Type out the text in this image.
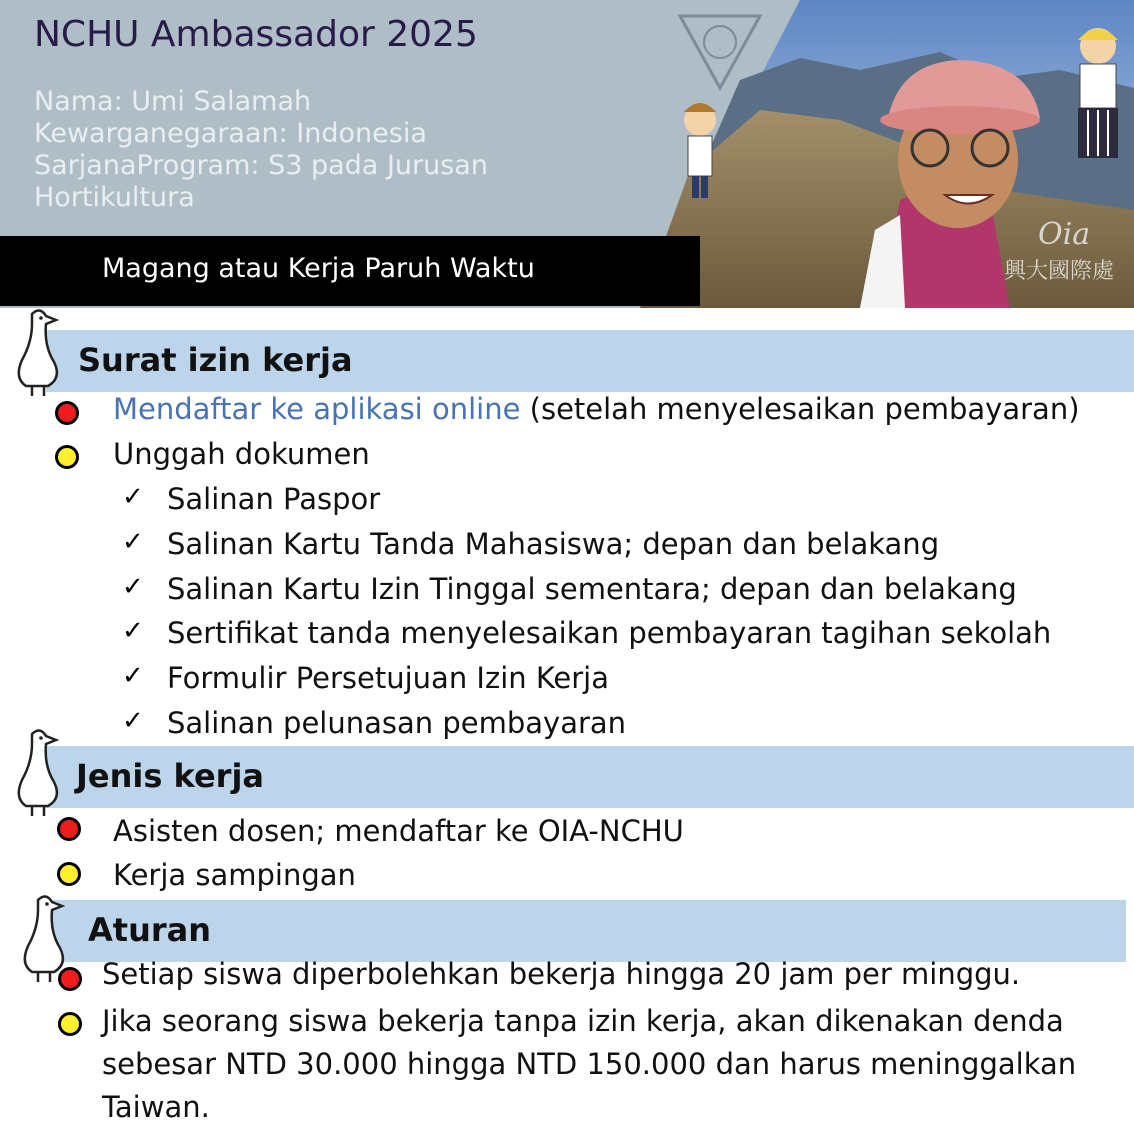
NCHU Ambassador 2025
Nama: Umi Salamah
Kewarganegaraan: Indonesia
SarjanaProgram: S3 pada Jurusan
Hortikultura
Oia
興大國際處
Magang atau Kerja Paruh Waktu
Surat izin kerja
Mendaftar ke aplikasi online (setelah menyelesaikan pembayaran)
Unggah dokumen
✓ Salinan Paspor
✓ Salinan Kartu Tanda Mahasiswa; depan dan belakang
✓ Salinan Kartu Izin Tinggal sementara; depan dan belakang
✓ Sertifikat tanda menyelesaikan pembayaran tagihan sekolah
✓ Formulir Persetujuan Izin Kerja
✓ Salinan pelunasan pembayaran
Jenis kerja
Asisten dosen; mendaftar ke OIA-NCHU
Kerja sampingan
Aturan
Setiap siswa diperbolehkan bekerja hingga 20 jam per minggu.
Jika seorang siswa bekerja tanpa izin kerja, akan dikenakan denda sebesar NTD 30.000 hingga NTD 150.000 dan harus meninggalkan Taiwan.
